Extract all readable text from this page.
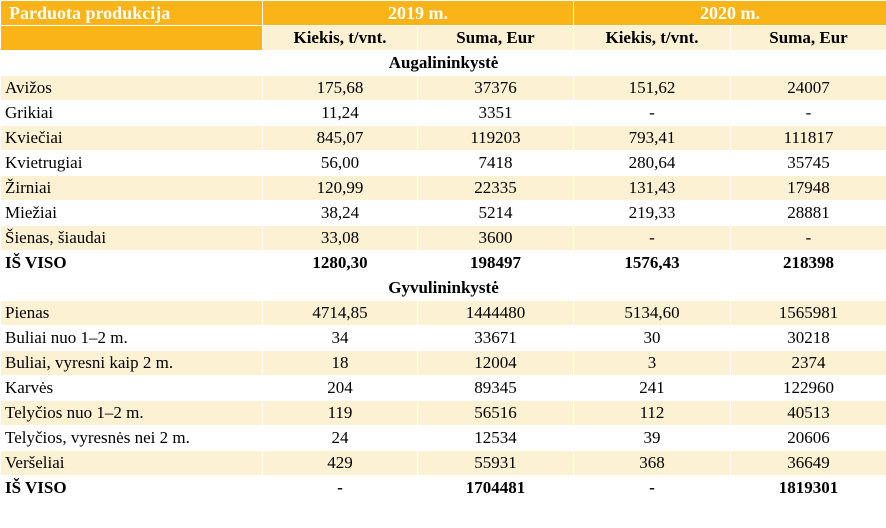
Parduota produkcija	2019 m.		2020 m.	
	Kiekis, t/vnt.	Suma, Eur	Kiekis, t/vnt.	Suma, Eur
Augalininkystė				
Avižos	175,68	37376	151,62	24007
Grikiai	11,24	3351	-	-
Kviečiai	845,07	119203	793,41	111817
Kvietrugiai	56,00	7418	280,64	35745
Žirniai	120,99	22335	131,43	17948
Miežiai	38,24	5214	219,33	28881
Šienas, šiaudai	33,08	3600	-	-
IŠ VISO	1280,30	198497	1576,43	218398
Gyvulininkystė				
Pienas	4714,85	1444480	5134,60	1565981
Buliai nuo 1–2 m.	34	33671	30	30218
Buliai, vyresni kaip 2 m.	18	12004	3	2374
Karvės	204	89345	241	122960
Telyčios nuo 1–2 m.	119	56516	112	40513
Telyčios, vyresnės nei 2 m.	24	12534	39	20606
Veršeliai	429	55931	368	36649
IŠ VISO	-	1704481	-	1819301
